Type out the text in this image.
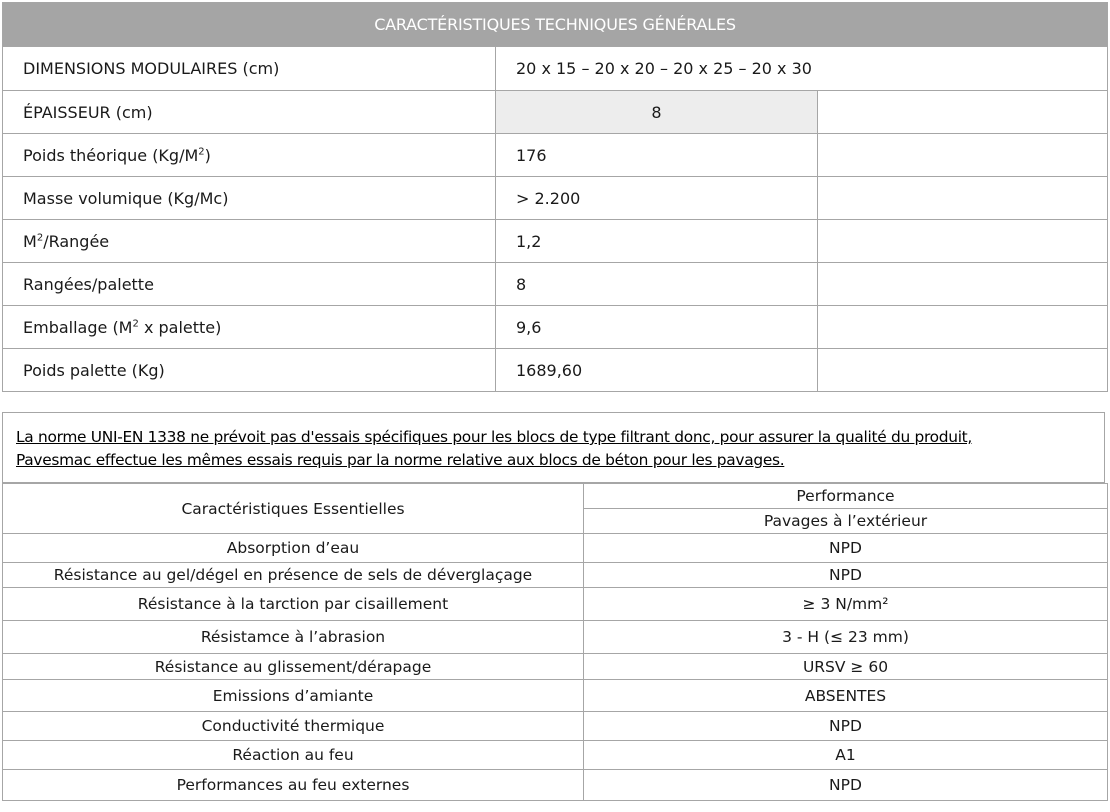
CARACTÉRISTIQUES TECHNIQUES GÉNÉRALES		
DIMENSIONS MODULAIRES (cm)	20 x 15 – 20 x 20 – 20 x 25 – 20 x 30	
ÉPAISSEUR (cm)	8	
Poids théorique $(Kg/M^2)$	176	
Masse volumique (Kg/Mc)	> 2.200	
$M^2$/Rangée	1,2	
Rangées/palette	8	
Emballage ($M^2$ x palette)	9,6	
Poids palette (Kg)	1689,60	
La norme UNI-EN 1338 ne prévoit pas d'essais spécifiques pour les blocs de type filtrant donc, pour assurer la qualité du produit,
Pavesmac effectue les mêmes essais requis par la norme relative aux blocs de béton pour les pavages.
Caractéristiques Essentielles	Performance
	Pavages à l’extérieur
Absorption d’eau	NPD
Résistance au gel/dégel en présence de sels de déverglaçage	NPD
Résistance à la tarction par cisaillement	≥ 3 N/mm²
Résistamce à l’abrasion	3 - H (≤ 23 mm)
Résistance au glissement/dérapage	URSV ≥ 60
Emissions d’amiante	ABSENTES
Conductivité thermique	NPD
Réaction au feu	A1
Performances au feu externes	NPD
